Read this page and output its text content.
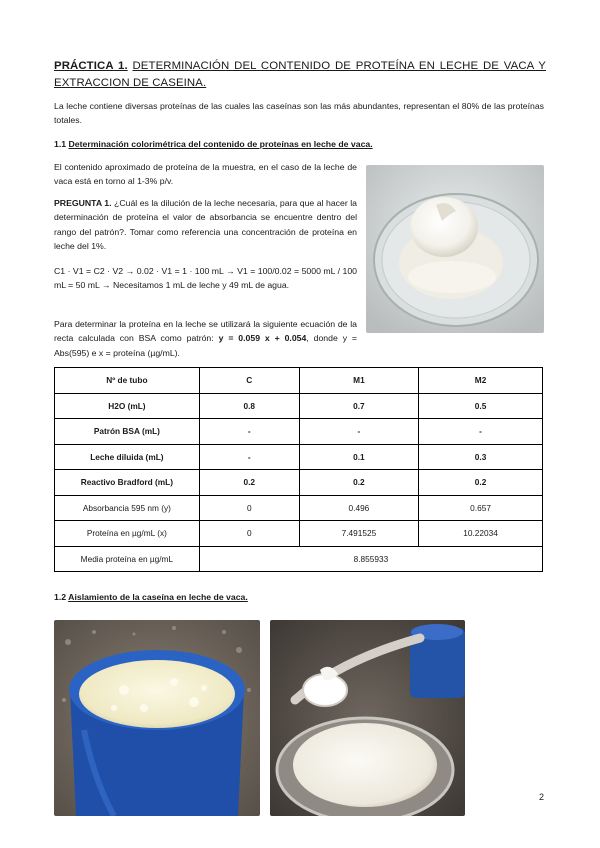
PRÁCTICA 1. DETERMINACIÓN DEL CONTENIDO DE PROTEÍNA EN LECHE DE VACA Y EXTRACCION DE CASEINA.

La leche contiene diversas proteínas de las cuales las caseínas son las más abundantes, representan el 80% de las proteínas totales.

1.1 Determinación colorimétrica del contenido de proteínas en leche de vaca.

El contenido aproximado de proteína de la muestra, en el caso de la leche de vaca está en torno al 1-3% p/v.

PREGUNTA 1. ¿Cuál es la dilución de la leche necesaria, para que al hacer la determinación de proteína el valor de absorbancia se encuentre dentro del rango del patrón?. Tomar como referencia una concentración de proteína en leche del 1%.

C1 · V1 = C2 · V2 → 0.02 · V1 = 1 · 100 mL → V1 = 100/0.02 = 5000 mL / 100 mL = 50 mL → Necesitamos 1 mL de leche y 49 mL de agua.

Para determinar la proteína en la leche se utilizará la siguiente ecuación de la recta calculada con BSA como patrón: y = 0.059 x + 0.054, donde y = Abs(595) e x = proteína (µg/mL).

Nº de tubo	C	M1	M2
H2O (mL)	0.8	0.7	0.5
Patrón BSA (mL)	-	-	-
Leche diluida (mL)	-	0.1	0.3
Reactivo Bradford (mL)	0.2	0.2	0.2
Absorbancia 595 nm (y)	0	0.496	0.657
Proteína en µg/mL (x)	0	7.491525	10.22034
Media proteína en µg/mL	8.855933		
1.2 Aislamiento de la caseína en leche de vaca.
2
